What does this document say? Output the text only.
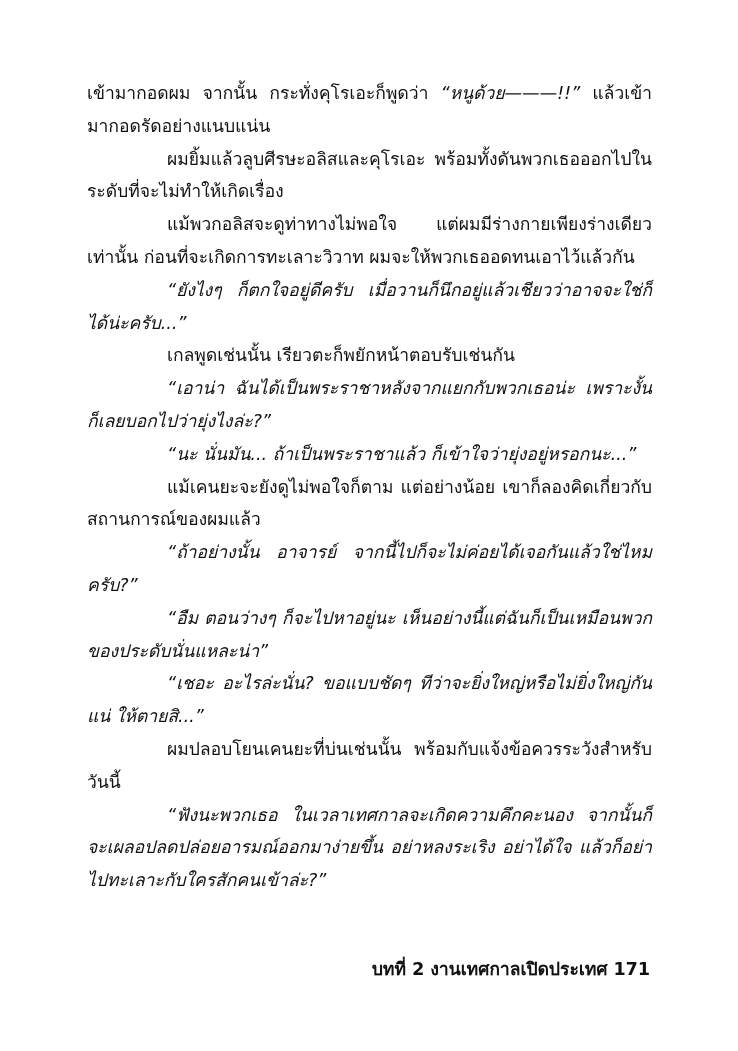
เข้ามากอดผม จากนั้น กระทั่งคุโรเอะก็พูดว่า “หนูด้วย———!!” แล้วเข้ามากอดรัดอย่างแนบแน่น

ผมยิ้มแล้วลูบศีรษะอลิสและคุโรเอะ พร้อมทั้งดันพวกเธอออกไปในระดับที่จะไม่ทำให้เกิดเรื่อง

แม้พวกอลิสจะดูท่าทางไม่พอใจ แต่ผมมีร่างกายเพียงร่างเดียวเท่านั้น ก่อนที่จะเกิดการทะเลาะวิวาท ผมจะให้พวกเธออดทนเอาไว้แล้วกัน

“ยังไงๆ ก็ตกใจอยู่ดีครับ เมื่อวานก็นึกอยู่แล้วเชียวว่าอาจจะใช่ก็ได้น่ะครับ...”

เกลพูดเช่นนั้น เรียวตะก็พยักหน้าตอบรับเช่นกัน

“เอาน่า ฉันได้เป็นพระราชาหลังจากแยกกับพวกเธอน่ะ เพราะงั้นก็เลยบอกไปว่ายุ่งไงล่ะ?”

“นะ นั่นมัน... ถ้าเป็นพระราชาแล้ว ก็เข้าใจว่ายุ่งอยู่หรอกนะ...”

แม้เคนยะจะยังดูไม่พอใจก็ตาม แต่อย่างน้อย เขาก็ลองคิดเกี่ยวกับสถานการณ์ของผมแล้ว

“ถ้าอย่างนั้น อาจารย์ จากนี้ไปก็จะไม่ค่อยได้เจอกันแล้วใช่ไหมครับ?”

“อืม ตอนว่างๆ ก็จะไปหาอยู่นะ เห็นอย่างนี้แต่ฉันก็เป็นเหมือนพวกของประดับนั่นแหละน่า”

“เชอะ อะไรล่ะนั่น? ขอแบบชัดๆ ทีว่าจะยิ่งใหญ่หรือไม่ยิ่งใหญ่กันแน่ ให้ตายสิ...”

ผมปลอบโยนเคนยะที่บ่นเช่นนั้น พร้อมกับแจ้งข้อควรระวังสำหรับวันนี้

“ฟังนะพวกเธอ ในเวลาเทศกาลจะเกิดความคึกคะนอง จากนั้นก็จะเผลอปลดปล่อยอารมณ์ออกมาง่ายขึ้น อย่าหลงระเริง อย่าได้ใจ แล้วก็อย่าไปทะเลาะกับใครสักคนเข้าล่ะ?”

บทที่ 2 งานเทศกาลเปิดประเทศ 171
